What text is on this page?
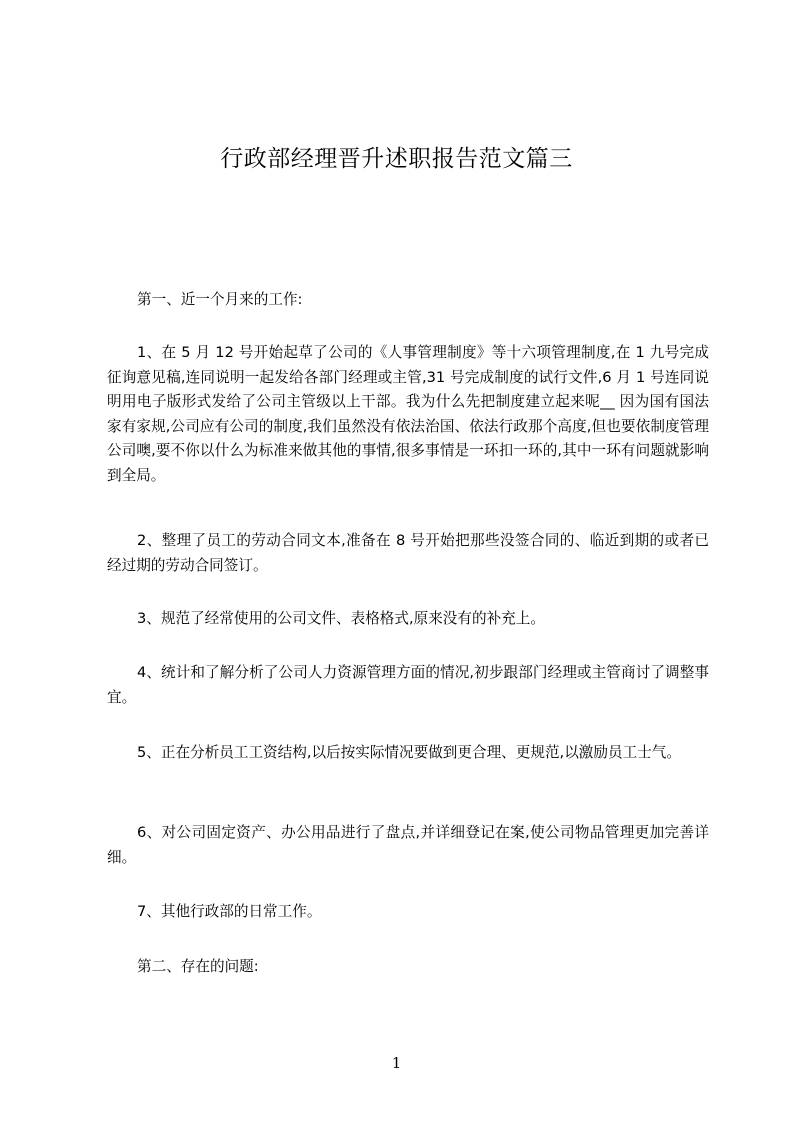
行政部经理晋升述职报告范文篇三

第一、近一个月来的工作:

1、在 5 月 12 号开始起草了公司的《人事管理制度》等十六项管理制度,在 1 九号完成征询意见稿,连同说明一起发给各部门经理或主管,31 号完成制度的试行文件,6 月 1 号连同说明用电子版形式发给了公司主管级以上干部。我为什么先把制度建立起来呢__ 因为国有国法家有家规,公司应有公司的制度,我们虽然没有依法治国、依法行政那个高度,但也要依制度管理公司噢,要不你以什么为标准来做其他的事情,很多事情是一环扣一环的,其中一环有问题就影响到全局。

2、整理了员工的劳动合同文本,准备在 8 号开始把那些没签合同的、临近到期的或者已经过期的劳动合同签订。

3、规范了经常使用的公司文件、表格格式,原来没有的补充上。

4、统计和了解分析了公司人力资源管理方面的情况,初步跟部门经理或主管商讨了调整事宜。

5、正在分析员工工资结构,以后按实际情况要做到更合理、更规范,以激励员工士气。

6、对公司固定资产、办公用品进行了盘点,并详细登记在案,使公司物品管理更加完善详细。

7、其他行政部的日常工作。

第二、存在的问题:

1
